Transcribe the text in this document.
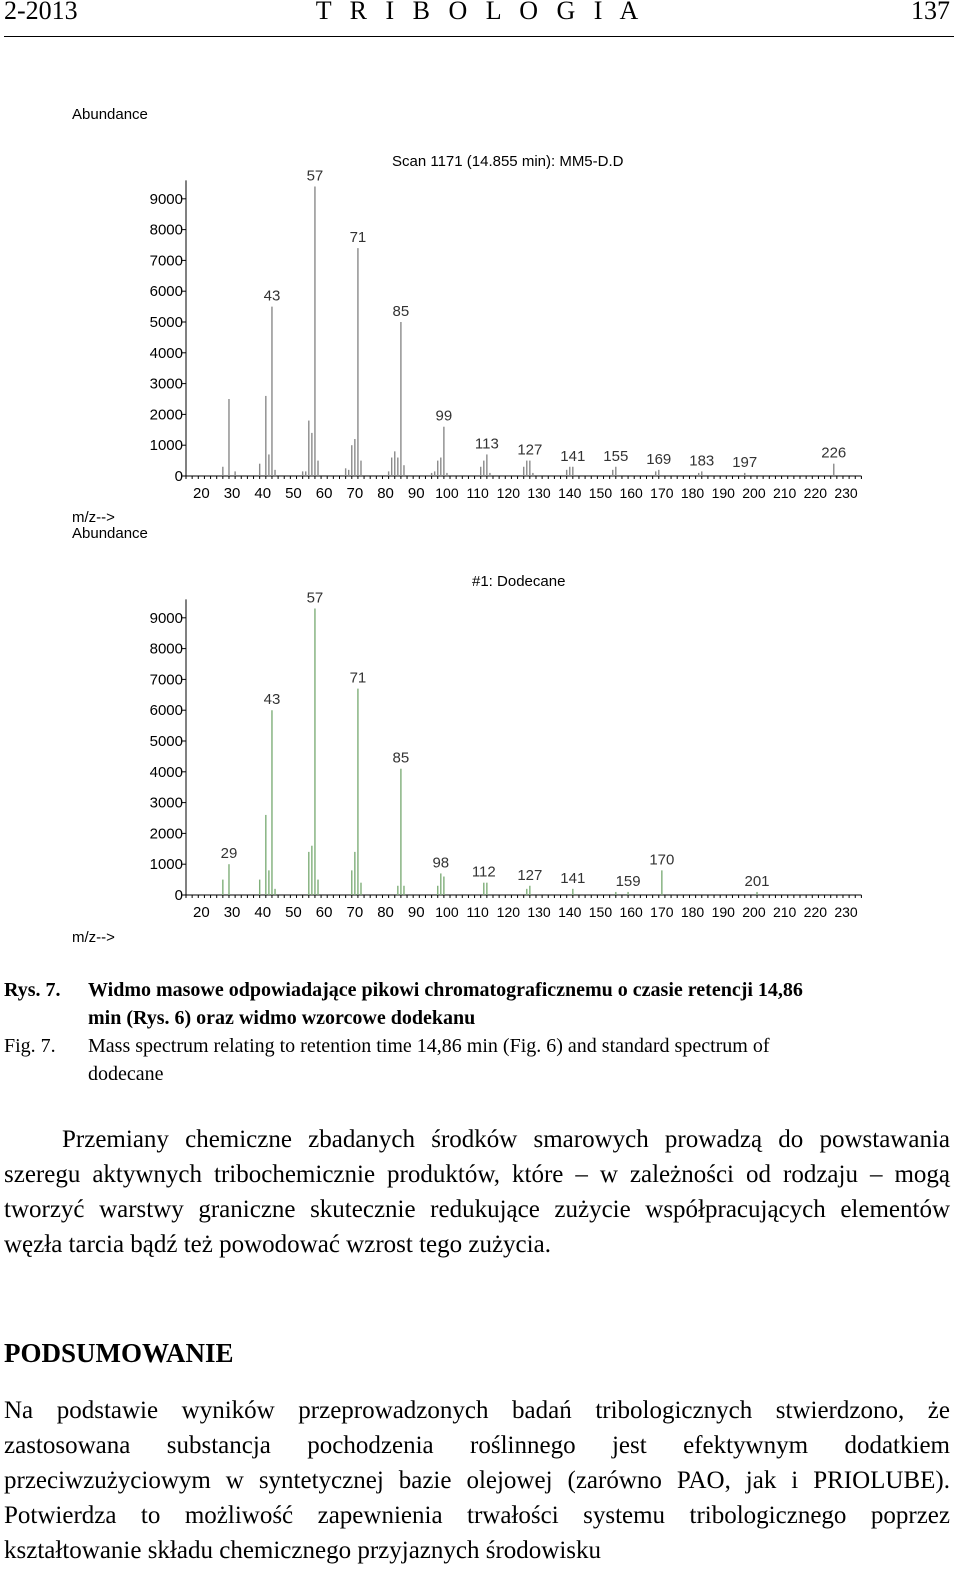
2-2013	T R I B O L O G I A	137
Abundance
Scan 1171 (14.855 min): MM5-D.D
m/z-->
20 30 40 50 60 70 80 90 100 110 120 130 140 150 160 170 180 190 200 210 220 230
0
1000
2000
3000
4000
5000
6000
7000
8000
9000
43
57
71
85
99
113 127 141 155 169 183 197
226
Abundance
#1: Dodecane
m/z-->
20 30 40 50 60 70 80 90 100 110 120 130 140 150 160 170 180 190 200 210 220 230
0
1000
2000
3000
4000
5000
6000
7000
8000
9000
29
43
57
71
85
98
112 127 141 159
170
201
Rys. 7. Widmo masowe odpowiadające pikowi chromatograficznemu o czasie retencji 14,86
min (Rys. 6) oraz widmo wzorcowe dodekanu
Fig. 7. Mass spectrum relating to retention time 14,86 min (Fig. 6) and standard spectrum of
dodecane
Przemiany chemiczne zbadanych środków smarowych prowadzą do powstawania szeregu aktywnych tribochemicznie produktów, które – w zależności od rodzaju – mogą tworzyć warstwy graniczne skutecznie redukujące zużycie współpracujących elementów węzła tarcia bądź też powodować wzrost tego zużycia.
PODSUMOWANIE
Na podstawie wyników przeprowadzonych badań tribologicznych stwierdzono, że zastosowana substancja pochodzenia roślinnego jest efektywnym dodatkiem przeciwzużyciowym w syntetycznej bazie olejowej (zarówno PAO, jak i PRIOLUBE). Potwierdza to możliwość zapewnienia trwałości systemu tribologicznego poprzez kształtowanie składu chemicznego przyjaznych środowisku
